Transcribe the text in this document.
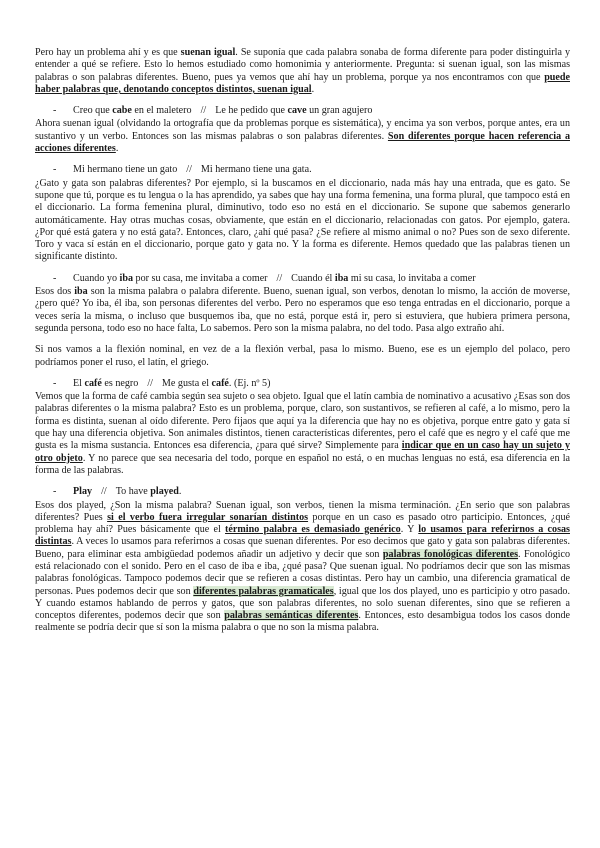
Pero hay un problema ahí y es que suenan igual. Se suponía que cada palabra sonaba de forma diferente para poder distinguirla y entender a qué se refiere. Esto lo hemos estudiado como homonimia y anteriormente. Pregunta: si suenan igual, son las mismas palabras o son palabras diferentes. Bueno, pues ya vemos que ahí hay un problema, porque ya nos encontramos con que puede haber palabras que, denotando conceptos distintos, suenan igual.

- Creo que cabe en el maletero // Le he pedido que cave un gran agujero

Ahora suenan igual (olvidando la ortografía que da problemas porque es sistemática), y encima ya son verbos, porque antes, era un sustantivo y un verbo. Entonces son las mismas palabras o son palabras diferentes. Son diferentes porque hacen referencia a acciones diferentes.

- Mi hermano tiene un gato // Mi hermano tiene una gata.

¿Gato y gata son palabras diferentes? Por ejemplo, si la buscamos en el diccionario, nada más hay una entrada, que es gato. Se supone que tú, porque es tu lengua o la has aprendido, ya sabes que hay una forma femenina, una forma plural, que tampoco está en el diccionario. La forma femenina plural, diminutivo, todo eso no está en el diccionario. Se supone que sabemos generarlo automáticamente. Hay otras muchas cosas, obviamente, que están en el diccionario, relacionadas con gatos. Por ejemplo, gatera. ¿Por qué está gatera y no está gata?. Entonces, claro, ¿ahí qué pasa? ¿Se refiere al mismo animal o no? Pues son de sexo diferente. Toro y vaca sí están en el diccionario, porque gato y gata no. Y la forma es diferente. Hemos quedado que las palabras tienen un significante distinto.

- Cuando yo iba por su casa, me invitaba a comer // Cuando él iba mi su casa, lo invitaba a comer

Esos dos iba son la misma palabra o palabra diferente. Bueno, suenan igual, son verbos, denotan lo mismo, la acción de moverse, ¿pero qué? Yo iba, él iba, son personas diferentes del verbo. Pero no esperamos que eso tenga entradas en el diccionario, porque a veces sería la misma, o incluso que busquemos iba, que no está, porque está ir, pero si estuviera, que hubiera primera persona, segunda persona, todo eso no hace falta, Lo sabemos. Pero son la misma palabra, no del todo. Pasa algo extraño ahí.

Si nos vamos a la flexión nominal, en vez de a la flexión verbal, pasa lo mismo. Bueno, ese es un ejemplo del polaco, pero podríamos poner el ruso, el latín, el griego.

- El café es negro // Me gusta el café. (Ej. nº 5)

Vemos que la forma de café cambia según sea sujeto o sea objeto. Igual que el latín cambia de nominativo a acusativo ¿Esas son dos palabras diferentes o la misma palabra? Esto es un problema, porque, claro, son sustantivos, se refieren al café, a lo mismo, pero la forma es distinta, suenan al oído diferente. Pero fijaos que aquí ya la diferencia que hay no es objetiva, porque entre gato y gata sí que hay una diferencia objetiva. Son animales distintos, tienen características diferentes, pero el café que es negro y el café que me gusta es la misma sustancia. Entonces esa diferencia, ¿para qué sirve? Simplemente para indicar que en un caso hay un sujeto y otro objeto. Y no parece que sea necesaria del todo, porque en español no está, o en muchas lenguas no está, esa diferencia en la forma de las palabras.

- Play // To have played.

Esos dos played, ¿Son la misma palabra? Suenan igual, son verbos, tienen la misma terminación. ¿En serio que son palabras diferentes? Pues si el verbo fuera irregular sonarían distintos porque en un caso es pasado otro participio. Entonces, ¿qué problema hay ahí? Pues básicamente que el término palabra es demasiado genérico. Y lo usamos para referirnos a cosas distintas. A veces lo usamos para referirnos a cosas que suenan diferentes. Por eso decimos que gato y gata son palabras diferentes. Bueno, para eliminar esta ambigüedad podemos añadir un adjetivo y decir que son palabras fonológicas diferentes. Fonológico está relacionado con el sonido. Pero en el caso de iba e iba, ¿qué pasa? Que suenan igual. No podríamos decir que son las mismas palabras fonológicas. Tampoco podemos decir que se refieren a cosas distintas. Pero hay un cambio, una diferencia gramatical de personas. Pues podemos decir que son diferentes palabras gramaticales, igual que los dos played, uno es participio y otro pasado. Y cuando estamos hablando de perros y gatos, que son palabras diferentes, no solo suenan diferentes, sino que se refieren a conceptos diferentes, podemos decir que son palabras semánticas diferentes. Entonces, esto desambigua todos los casos donde realmente se podría decir que sí son la misma palabra o que no son la misma palabra.
